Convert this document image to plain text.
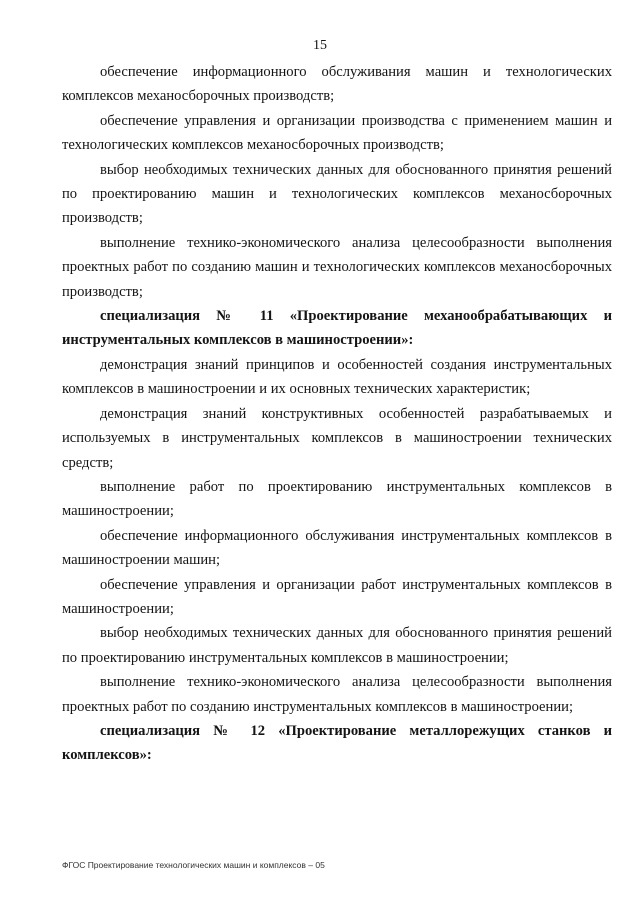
15

обеспечение информационного обслуживания машин и технологических комплексов механосборочных производств;

обеспечение управления и организации производства с применением машин и технологических комплексов механосборочных производств;

выбор необходимых технических данных для обоснованного принятия решений по проектированию машин и технологических комплексов механосборочных производств;

выполнение технико-экономического анализа целесообразности выполнения проектных работ по созданию машин и технологических комплексов механосборочных производств;

специализация № 11 «Проектирование механообрабатывающих и инструментальных комплексов в машиностроении»:

демонстрация знаний принципов и особенностей создания инструментальных комплексов в машиностроении и их основных технических характеристик;

демонстрация знаний конструктивных особенностей разрабатываемых и используемых в инструментальных комплексов в машиностроении технических средств;

выполнение работ по проектированию инструментальных комплексов в машиностроении;

обеспечение информационного обслуживания инструментальных комплексов в машиностроении машин;

обеспечение управления и организации работ инструментальных комплексов в машиностроении;

выбор необходимых технических данных для обоснованного принятия решений по проектированию инструментальных комплексов в машиностроении;

выполнение технико-экономического анализа целесообразности выполнения проектных работ по созданию инструментальных комплексов в машиностроении;

специализация № 12 «Проектирование металлорежущих станков и комплексов»:

ФГОС Проектирование технологических машин и комплексов – 05
